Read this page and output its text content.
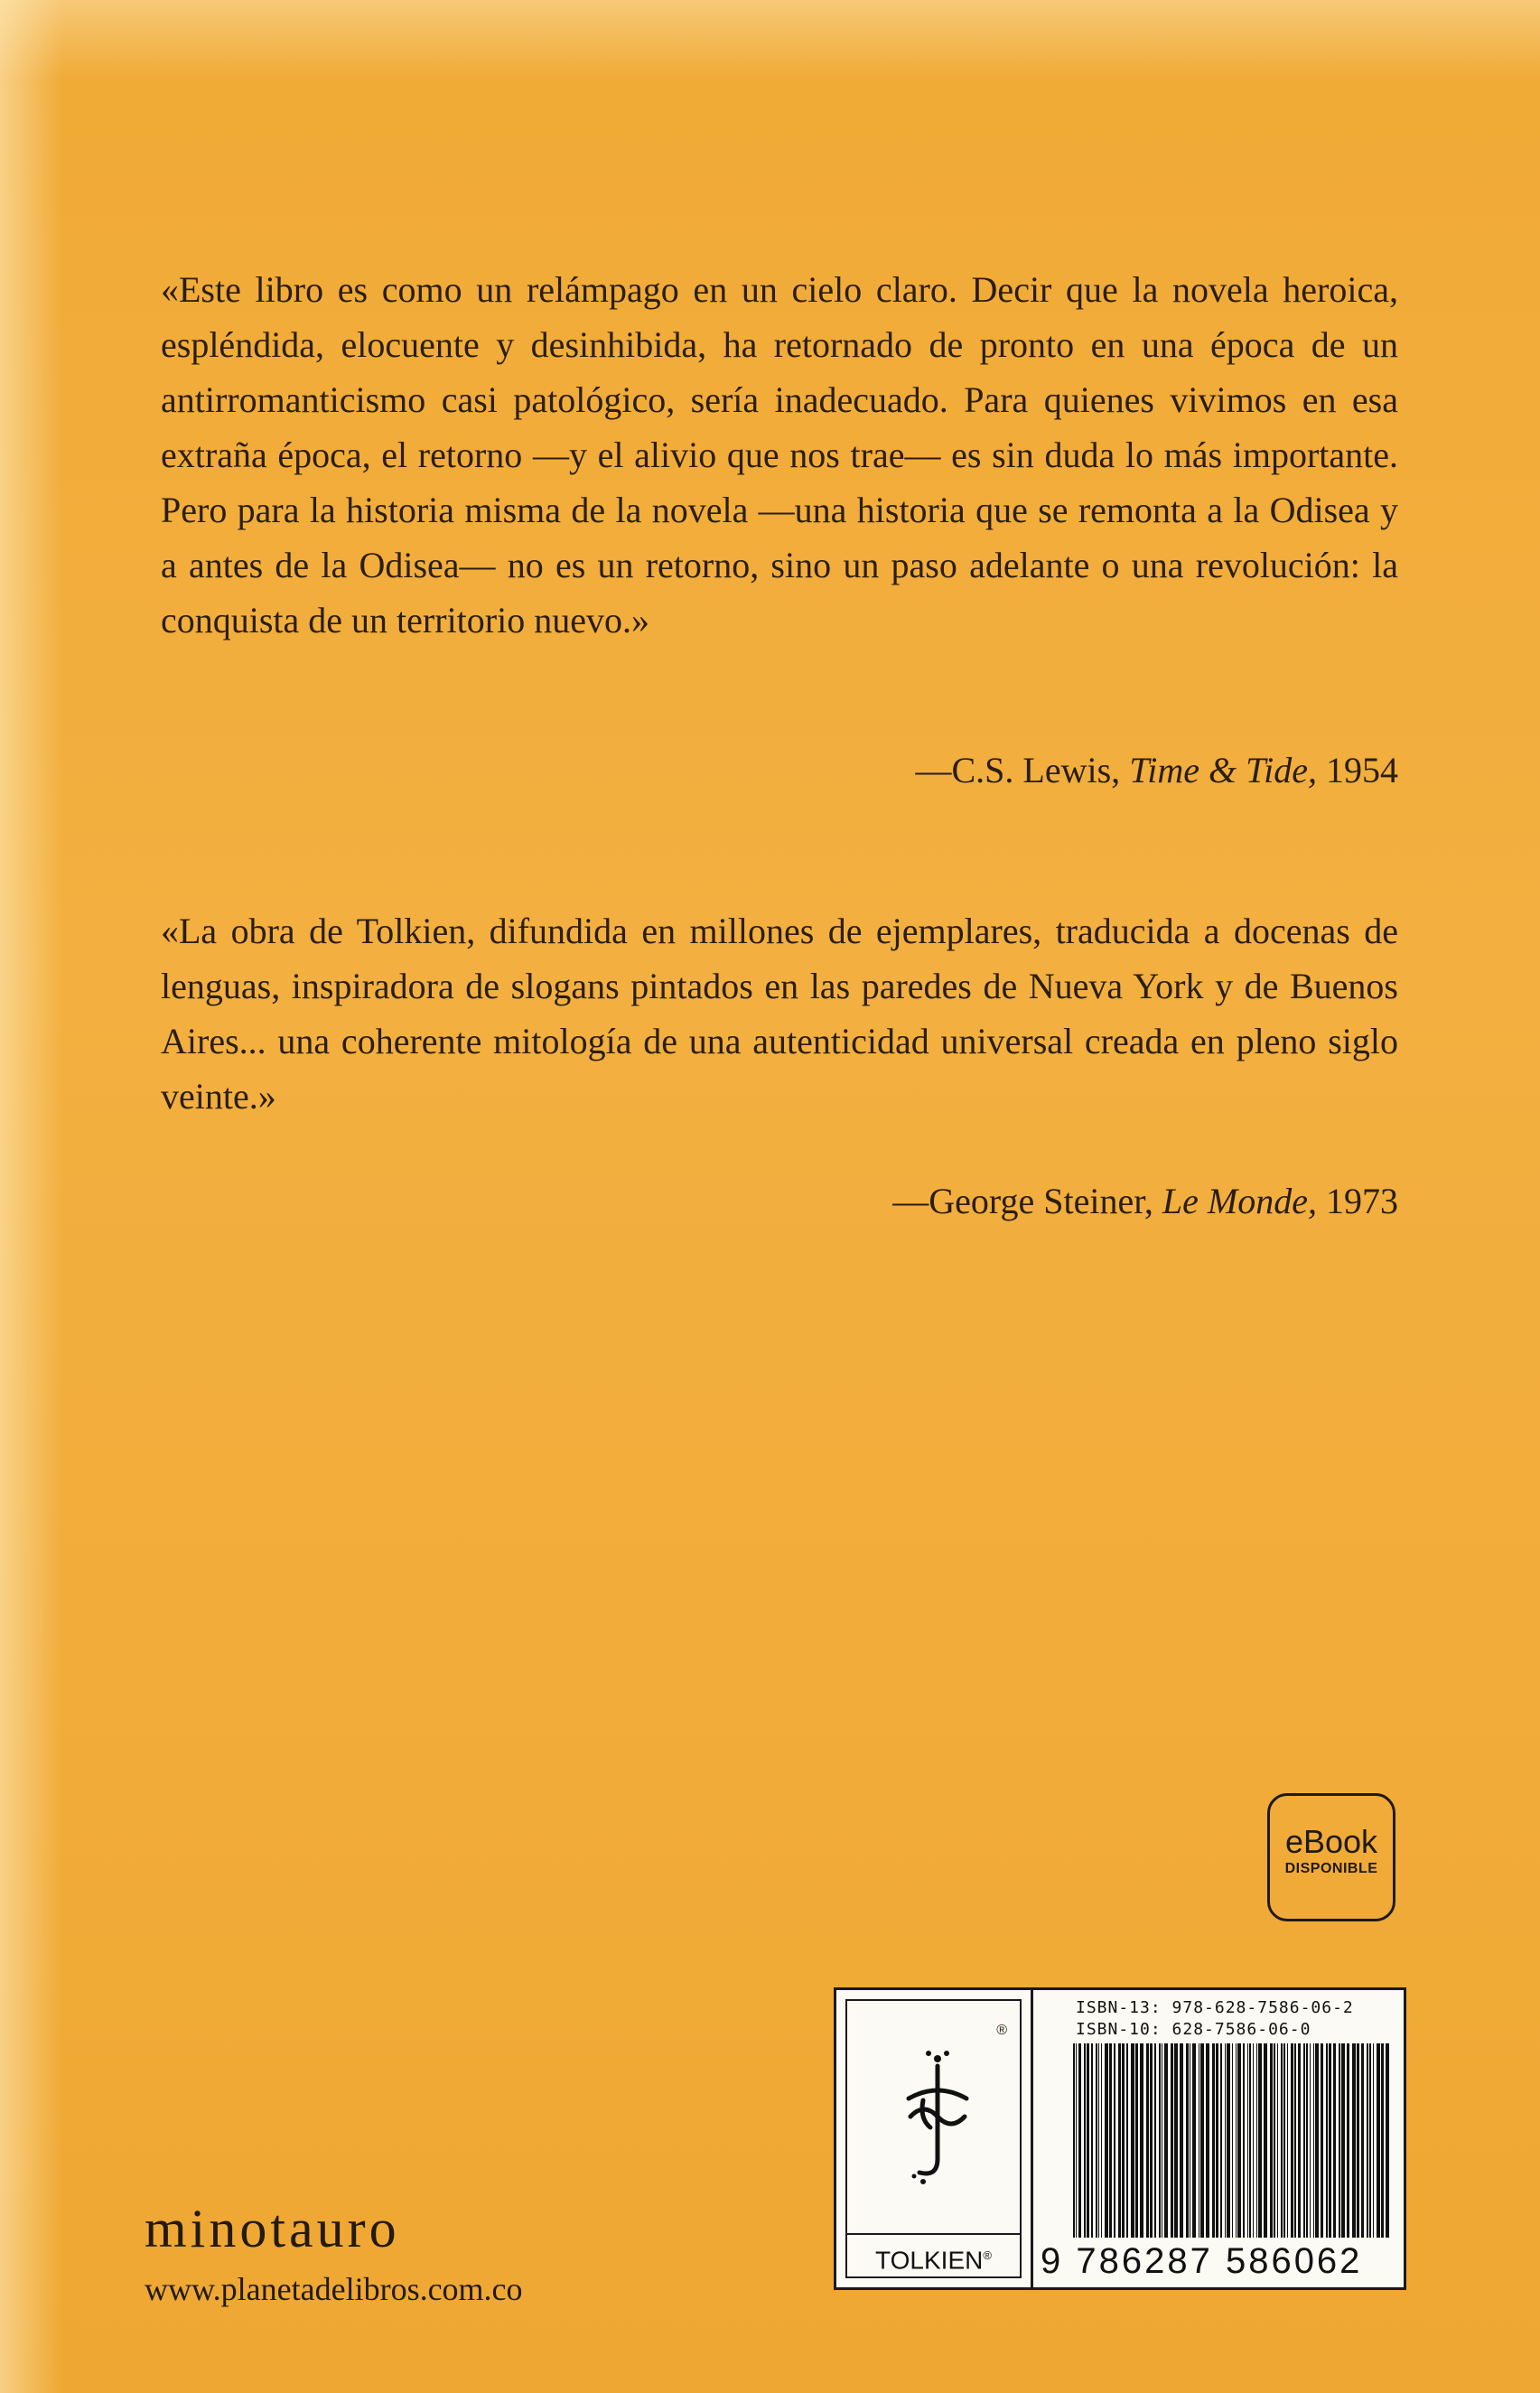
«Este libro es como un relámpago en un cielo claro. Decir que la novela heroica, espléndida, elocuente y desinhibida, ha retornado de pronto en una época de un antirromanticismo casi patológico, sería inadecuado. Para quienes vivimos en esa extraña época, el retorno —y el alivio que nos trae— es sin duda lo más importante. Pero para la historia misma de la novela —una historia que se remonta a la Odisea y a antes de la Odisea— no es un retorno, sino un paso adelante o una revolución: la conquista de un territorio nuevo.»

—C.S. Lewis, Time & Tide, 1954

«La obra de Tolkien, difundida en millones de ejemplares, traducida a docenas de lenguas, inspiradora de slogans pintados en las paredes de Nueva York y de Buenos Aires... una coherente mitología de una autenticidad universal creada en pleno siglo veinte.»

—George Steiner, Le Monde, 1973
eBook
DISPONIBLE
minotauro
www.planetadelibros.com.co
®
TOLKIEN®
ISBN-13: 978-628-7586-06-2
ISBN-10: 628-7586-06-0
9 786287 586062
